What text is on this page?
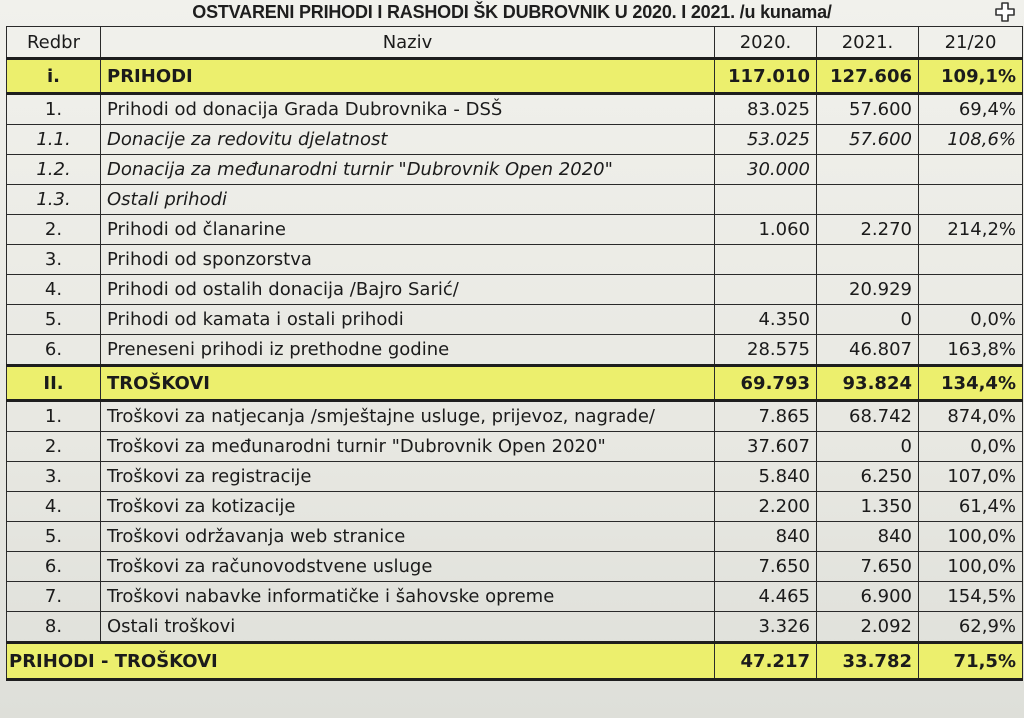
OSTVARENI PRIHODI I RASHODI ŠK DUBROVNIK U 2020. I 2021. /u kunama/
Redbr	Naziv	2020.	2021.	21/20
i.	PRIHODI	117.010	127.606	109,1%
1.	Prihodi od donacija Grada Dubrovnika - DSŠ	83.025	57.600	69,4%
1.1.	Donacije za redovitu djelatnost	53.025	57.600	108,6%
1.2.	Donacija za međunarodni turnir "Dubrovnik Open 2020"	30.000		
1.3.	Ostali prihodi			
2.	Prihodi od članarine	1.060	2.270	214,2%
3.	Prihodi od sponzorstva			
4.	Prihodi od ostalih donacija /Bajro Sarić/		20.929	
5.	Prihodi od kamata i ostali prihodi	4.350	0	0,0%
6.	Preneseni prihodi iz prethodne godine	28.575	46.807	163,8%
II.	TROŠKOVI	69.793	93.824	134,4%
1.	Troškovi za natjecanja /smještajne usluge, prijevoz, nagrade/	7.865	68.742	874,0%
2.	Troškovi za međunarodni turnir "Dubrovnik Open 2020"	37.607	0	0,0%
3.	Troškovi za registracije	5.840	6.250	107,0%
4.	Troškovi za kotizacije	2.200	1.350	61,4%
5.	Troškovi održavanja web stranice	840	840	100,0%
6.	Troškovi za računovodstvene usluge	7.650	7.650	100,0%
7.	Troškovi nabavke informatičke i šahovske opreme	4.465	6.900	154,5%
8.	Ostali troškovi	3.326	2.092	62,9%
PRIHODI - TROŠKOVI		47.217	33.782	71,5%
